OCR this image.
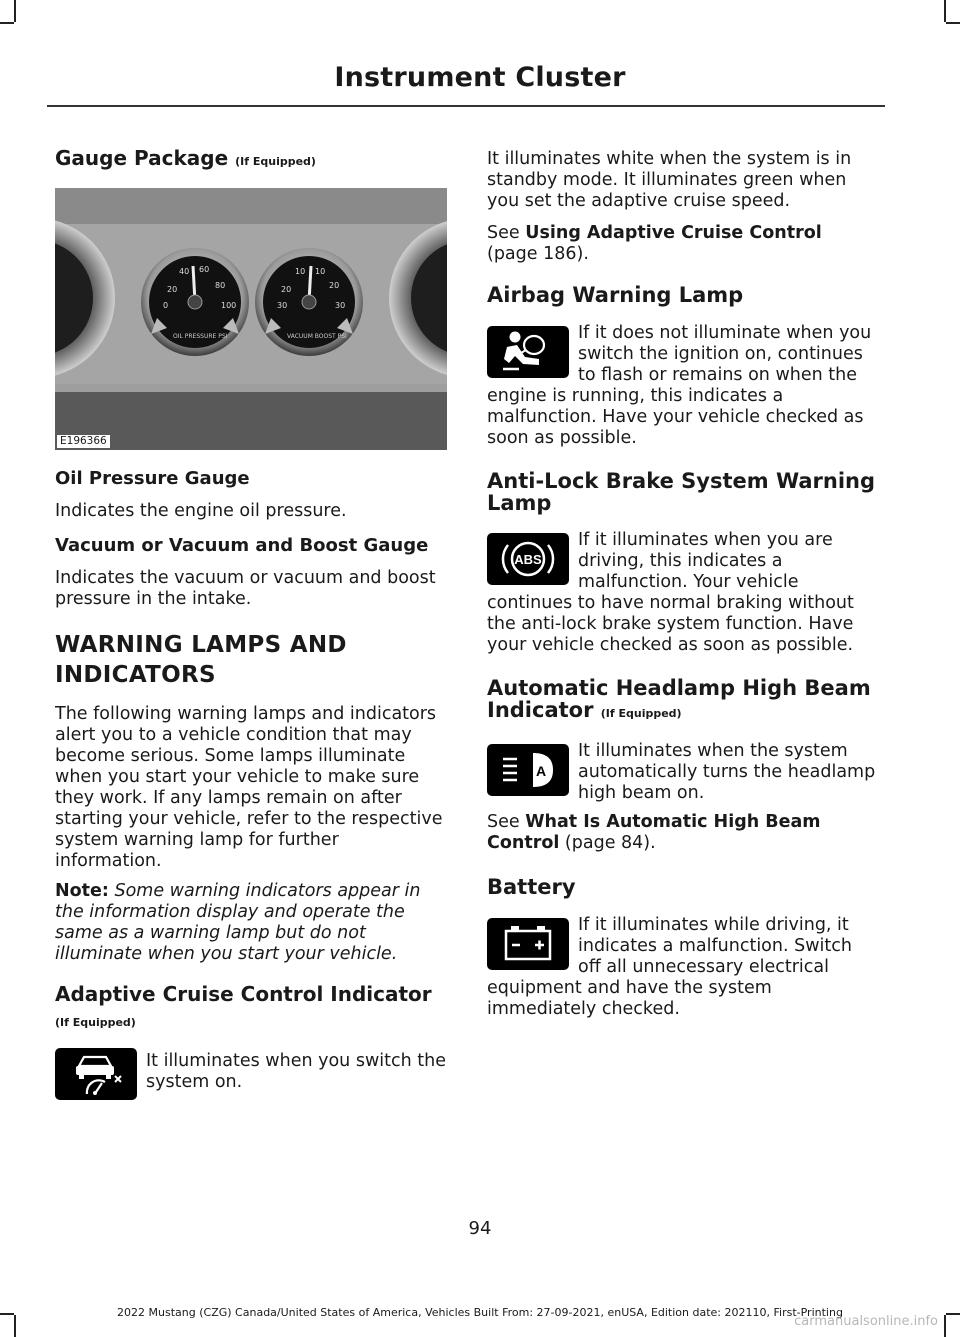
Instrument Cluster
Gauge Package (If Equipped)
20
40 60
80
0	100
OIL PRESSURE PSI
20
10 10
20
30	30
VACUUM BOOST PSI
E196366
Oil Pressure Gauge

Indicates the engine oil pressure.

Vacuum or Vacuum and Boost Gauge

Indicates the vacuum or vacuum and boost pressure in the intake.

WARNING LAMPS AND
INDICATORS

The following warning lamps and indicators alert you to a vehicle condition that may become serious. Some lamps illuminate when you start your vehicle to make sure they work. If any lamps remain on after starting your vehicle, refer to the respective system warning lamp for further information.

Note: Some warning indicators appear in the information display and operate the same as a warning lamp but do not illuminate when you start your vehicle.

Adaptive Cruise Control Indicator
(If Equipped)

It illuminates when you switch the system on.

It illuminates white when the system is in standby mode. It illuminates green when you set the adaptive cruise speed.

See Using Adaptive Cruise Control
(page 186).

Airbag Warning Lamp

If it does not illuminate when you switch the ignition on, continues to flash or remains on when the engine is running, this indicates a malfunction. Have your vehicle checked as soon as possible.

Anti-Lock Brake System Warning Lamp
ABS

If it illuminates when you are driving, this indicates a malfunction. Your vehicle continues to have normal braking without the anti-lock brake system function. Have your vehicle checked as soon as possible.

Automatic Headlamp High Beam Indicator (If Equipped)
A

It illuminates when the system automatically turns the headlamp high beam on.

See What Is Automatic High Beam Control (page 84).

Battery

If it illuminates while driving, it indicates a malfunction. Switch off all unnecessary electrical equipment and have the system immediately checked.

94
2022 Mustang (CZG) Canada/United States of America, Vehicles Built From: 27-09-2021, enUSA, Edition date: 202110, First-Printing
carmanualsonline.info
